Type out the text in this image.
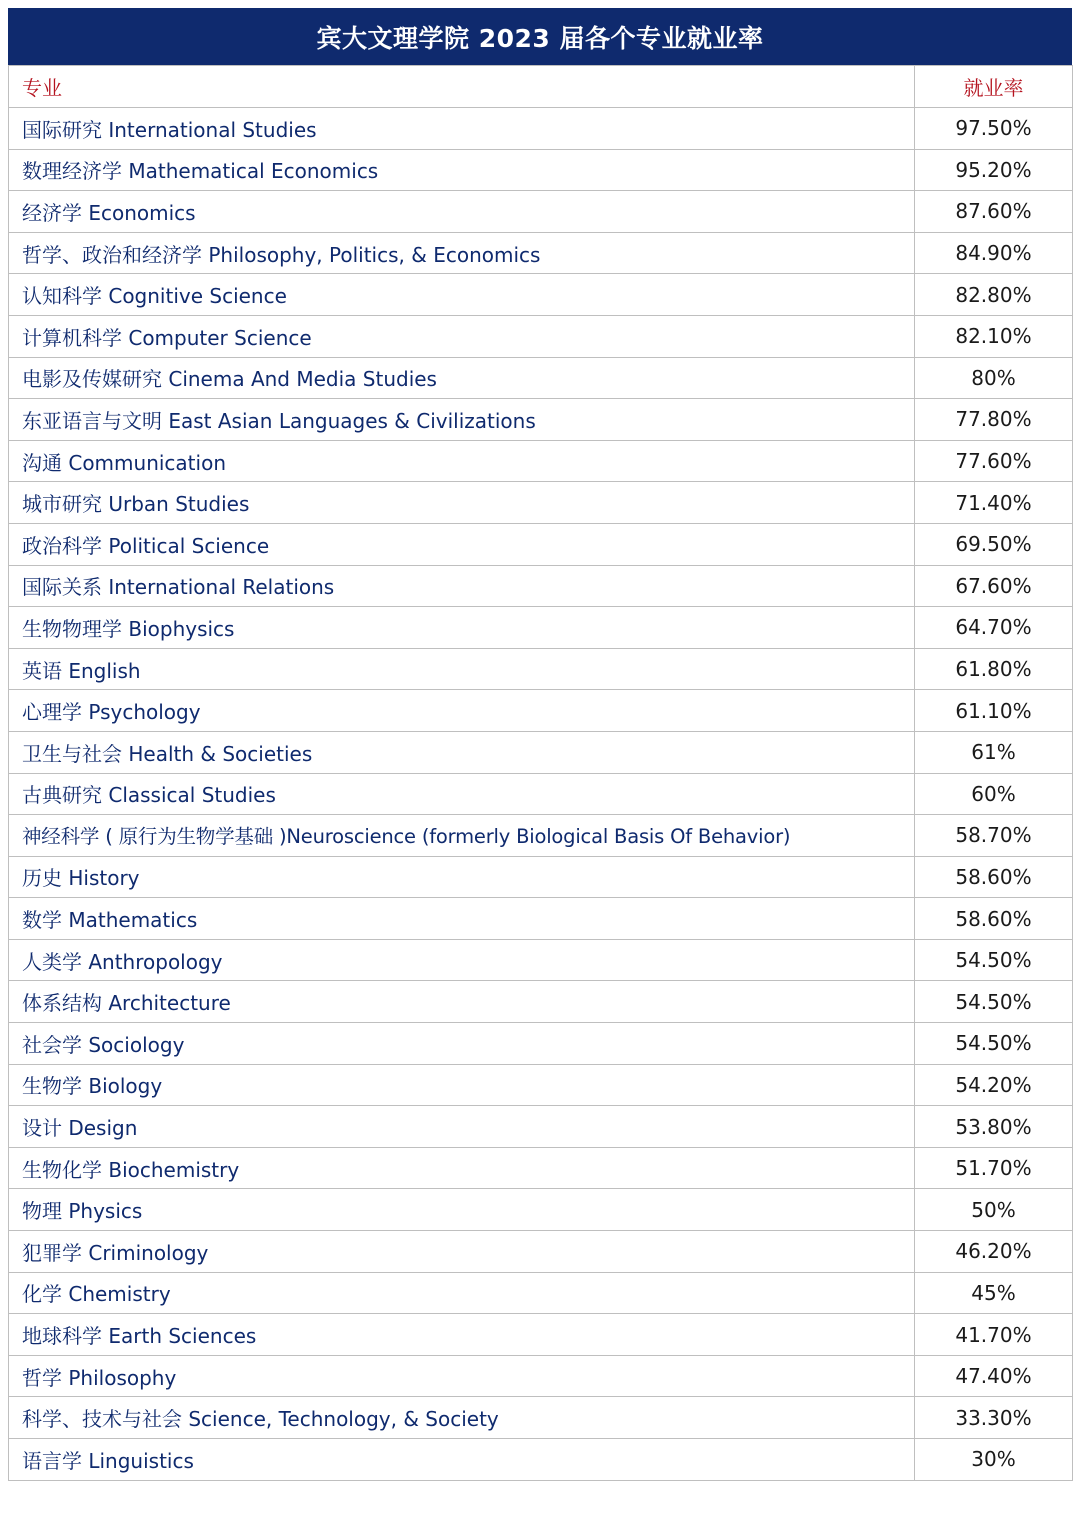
宾大文理学院 2023 届各个专业就业率
专业	就业率
国际研究 International Studies	97.50%
数理经济学 Mathematical Economics	95.20%
经济学 Economics	87.60%
哲学、政治和经济学 Philosophy, Politics, & Economics	84.90%
认知科学 Cognitive Science	82.80%
计算机科学 Computer Science	82.10%
电影及传媒研究 Cinema And Media Studies	80%
东亚语言与文明 East Asian Languages & Civilizations	77.80%
沟通 Communication	77.60%
城市研究 Urban Studies	71.40%
政治科学 Political Science	69.50%
国际关系 International Relations	67.60%
生物物理学 Biophysics	64.70%
英语 English	61.80%
心理学 Psychology	61.10%
卫生与社会 Health & Societies	61%
古典研究 Classical Studies	60%
神经科学 ( 原行为生物学基础 )Neuroscience (formerly Biological Basis Of Behavior)	58.70%
历史 History	58.60%
数学 Mathematics	58.60%
人类学 Anthropology	54.50%
体系结构 Architecture	54.50%
社会学 Sociology	54.50%
生物学 Biology	54.20%
设计 Design	53.80%
生物化学 Biochemistry	51.70%
物理 Physics	50%
犯罪学 Criminology	46.20%
化学 Chemistry	45%
地球科学 Earth Sciences	41.70%
哲学 Philosophy	47.40%
科学、技术与社会 Science, Technology, & Society	33.30%
语言学 Linguistics	30%
